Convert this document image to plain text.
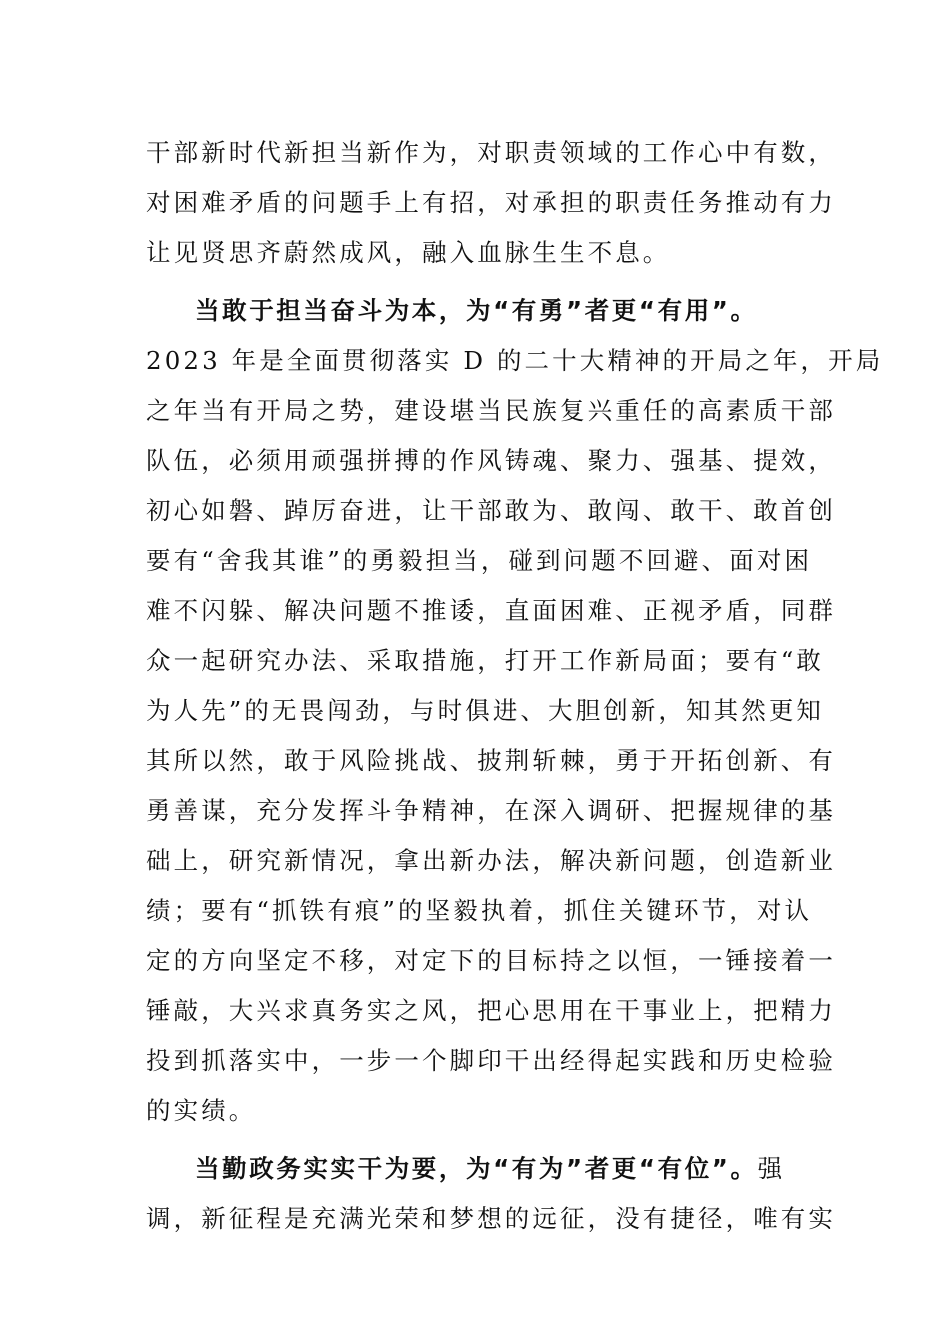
干部新时代新担当新作为，对职责领域的工作心中有数，
对困难矛盾的问题手上有招，对承担的职责任务推动有力
让见贤思齐蔚然成风，融入血脉生生不息。
当敢于担当奋斗为本，为“有勇”者更“有用”。
2023 年是全面贯彻落实 D 的二十大精神的开局之年，开局
之年当有开局之势，建设堪当民族复兴重任的高素质干部
队伍，必须用顽强拼搏的作风铸魂、聚力、强基、提效，
初心如磐、踔厉奋进，让干部敢为、敢闯、敢干、敢首创
要有“舍我其谁”的勇毅担当，碰到问题不回避、面对困
难不闪躲、解决问题不推诿，直面困难、正视矛盾，同群
众一起研究办法、采取措施，打开工作新局面；要有“敢
为人先”的无畏闯劲，与时俱进、大胆创新，知其然更知
其所以然，敢于风险挑战、披荆斩棘，勇于开拓创新、有
勇善谋，充分发挥斗争精神，在深入调研、把握规律的基
础上，研究新情况，拿出新办法，解决新问题，创造新业
绩；要有“抓铁有痕”的坚毅执着，抓住关键环节，对认
定的方向坚定不移，对定下的目标持之以恒，一锤接着一
锤敲，大兴求真务实之风，把心思用在干事业上，把精力
投到抓落实中，一步一个脚印干出经得起实践和历史检验
的实绩。
当勤政务实实干为要，为“有为”者更“有位”。强
调，新征程是充满光荣和梦想的远征，没有捷径，唯有实
